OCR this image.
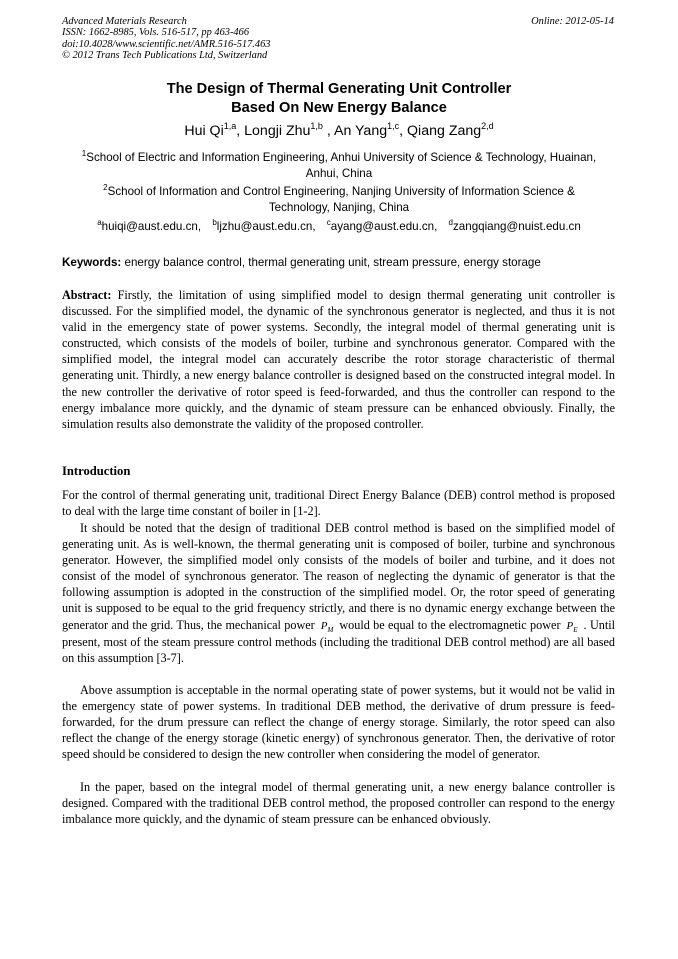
Advanced Materials Research
ISSN: 1662-8985, Vols. 516-517, pp 463-466
doi:10.4028/www.scientific.net/AMR.516-517.463
© 2012 Trans Tech Publications Ltd, Switzerland
Online: 2012-05-14
The Design of Thermal Generating Unit Controller
Based On New Energy Balance
Hui Qi$^{1,a}$, Longji Zhu$^{1,b}$ , An Yang$^{1,c}$, Qiang Zang$^{2,d}$
$^1$School of Electric and Information Engineering, Anhui University of Science & Technology, Huainan, Anhui, China
$^2$School of Information and Control Engineering, Nanjing University of Information Science & Technology, Nanjing, China
$^a$huiqi@aust.edu.cn, $^b$ljzhu@aust.edu.cn, $^c$ayang@aust.edu.cn, $^d$zangqiang@nuist.edu.cn
Keywords: energy balance control, thermal generating unit, stream pressure, energy storage
Abstract: Firstly, the limitation of using simplified model to design thermal generating unit controller is discussed. For the simplified model, the dynamic of the synchronous generator is neglected, and thus it is not valid in the emergency state of power systems. Secondly, the integral model of thermal generating unit is constructed, which consists of the models of boiler, turbine and synchronous generator. Compared with the simplified model, the integral model can accurately describe the rotor storage characteristic of thermal generating unit. Thirdly, a new energy balance controller is designed based on the constructed integral model. In the new controller the derivative of rotor speed is feed-forwarded, and thus the controller can respond to the energy imbalance more quickly, and the dynamic of steam pressure can be enhanced obviously. Finally, the simulation results also demonstrate the validity of the proposed controller.
Introduction
For the control of thermal generating unit, traditional Direct Energy Balance (DEB) control method is proposed to deal with the large time constant of boiler in [1-2].
It should be noted that the design of traditional DEB control method is based on the simplified model of generating unit. As is well-known, the thermal generating unit is composed of boiler, turbine and synchronous generator. However, the simplified model only consists of the models of boiler and turbine, and it does not consist of the model of synchronous generator. The reason of neglecting the dynamic of generator is that the following assumption is adopted in the construction of the simplified model. Or, the rotor speed of generating unit is supposed to be equal to the grid frequency strictly, and there is no dynamic energy exchange between the generator and the grid. Thus, the mechanical power $P_M$ would be equal to the electromagnetic power $P_E$ . Until present, most of the steam pressure control methods (including the traditional DEB control method) are all based on this assumption [3-7].
Above assumption is acceptable in the normal operating state of power systems, but it would not be valid in the emergency state of power systems. In traditional DEB method, the derivative of drum pressure is feed-forwarded, for the drum pressure can reflect the change of energy storage. Similarly, the rotor speed can also reflect the change of the energy storage (kinetic energy) of synchronous generator. Then, the derivative of rotor speed should be considered to design the new controller when considering the model of generator.
In the paper, based on the integral model of thermal generating unit, a new energy balance controller is designed. Compared with the traditional DEB control method, the proposed controller can respond to the energy imbalance more quickly, and the dynamic of steam pressure can be enhanced obviously.
